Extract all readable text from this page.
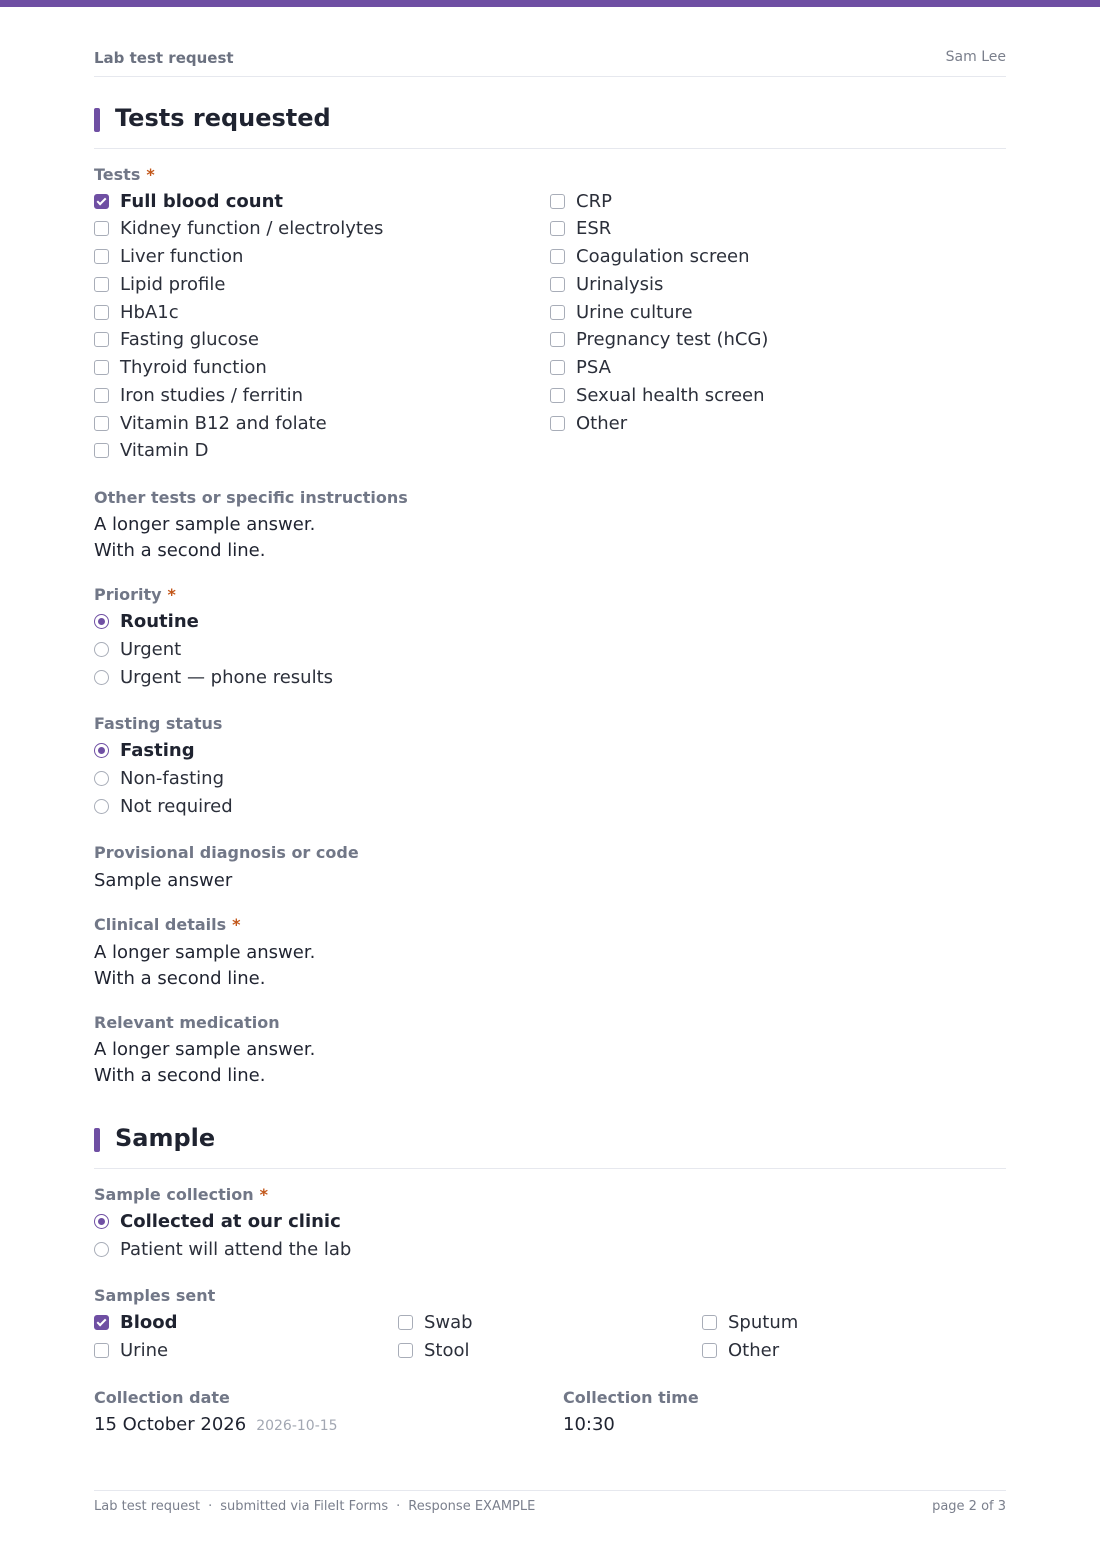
Lab test request	Sam Lee
Tests requested
Tests *
Full blood count
Kidney function / electrolytes
Liver function
Lipid profile
HbA1c
Fasting glucose
Thyroid function
Iron studies / ferritin
Vitamin B12 and folate
Vitamin D
CRP
ESR
Coagulation screen
Urinalysis
Urine culture
Pregnancy test (hCG)
PSA
Sexual health screen
Other
Other tests or specific instructions
A longer sample answer.
With a second line.
Priority *
Routine
Urgent
Urgent — phone results
Fasting status
Fasting
Non-fasting
Not required
Provisional diagnosis or code
Sample answer
Clinical details *
A longer sample answer.
With a second line.
Relevant medication
A longer sample answer.
With a second line.
Sample
Sample collection *
Collected at our clinic
Patient will attend the lab
Samples sent
Blood	Swab	Sputum
Urine	Stool	Other
Collection date
15 October 2026 2026-10-15
Collection time
10:30
Lab test request · submitted via FileIt Forms · Response EXAMPLE	page 2 of 3
